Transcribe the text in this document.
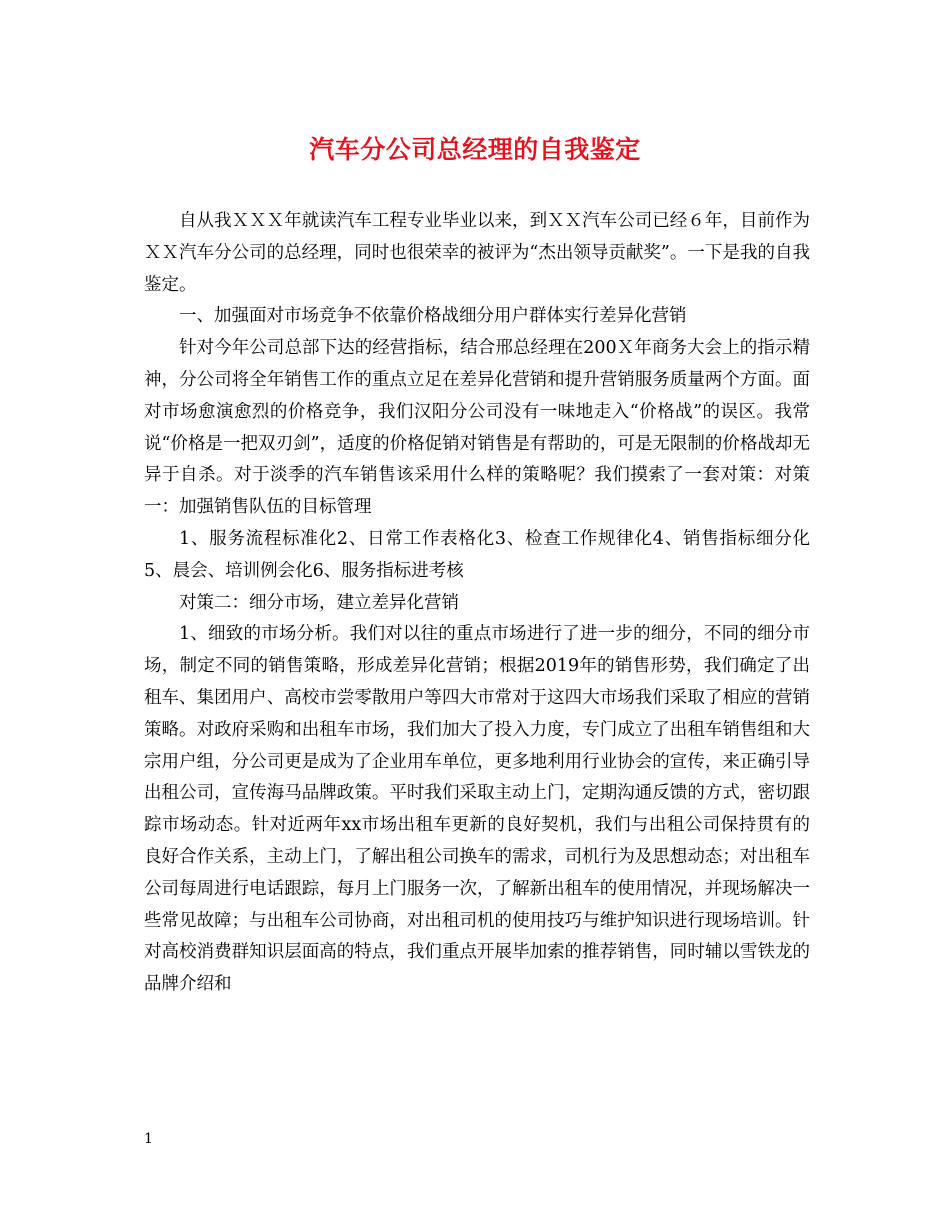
汽车分公司总经理的自我鉴定

自从我ＸＸＸ年就读汽车工程专业毕业以来，到ＸＸ汽车公司已经６年，目前作为ＸＸ汽车分公司的总经理，同时也很荣幸的被评为“杰出领导贡献奖”。一下是我的自我鉴定。

一、加强面对市场竞争不依靠价格战细分用户群体实行差异化营销

针对今年公司总部下达的经营指标，结合邢总经理在200Ｘ年商务大会上的指示精神，分公司将全年销售工作的重点立足在差异化营销和提升营销服务质量两个方面。面对市场愈演愈烈的价格竞争，我们汉阳分公司没有一味地走入“价格战”的误区。我常说“价格是一把双刃剑”，适度的价格促销对销售是有帮助的，可是无限制的价格战却无异于自杀。对于淡季的汽车销售该采用什么样的策略呢？我们摸索了一套对策：对策一：加强销售队伍的目标管理

1、服务流程标准化2、日常工作表格化3、检查工作规律化4、销售指标细分化5、晨会、培训例会化6、服务指标进考核

对策二：细分市场，建立差异化营销

1、细致的市场分析。我们对以往的重点市场进行了进一步的细分，不同的细分市场，制定不同的销售策略，形成差异化营销；根据2019年的销售形势，我们确定了出租车、集团用户、高校市尝零散用户等四大市常对于这四大市场我们采取了相应的营销策略。对政府采购和出租车市场，我们加大了投入力度，专门成立了出租车销售组和大宗用户组，分公司更是成为了企业用车单位，更多地利用行业协会的宣传，来正确引导出租公司，宣传海马品牌政策。平时我们采取主动上门，定期沟通反馈的方式，密切跟踪市场动态。针对近两年xx市场出租车更新的良好契机，我们与出租公司保持贯有的良好合作关系，主动上门，了解出租公司换车的需求，司机行为及思想动态；对出租车公司每周进行电话跟踪，每月上门服务一次，了解新出租车的使用情况，并现场解决一些常见故障；与出租车公司协商，对出租司机的使用技巧与维护知识进行现场培训。针对高校消费群知识层面高的特点，我们重点开展毕加索的推荐销售，同时辅以雪铁龙的品牌介绍和

1
